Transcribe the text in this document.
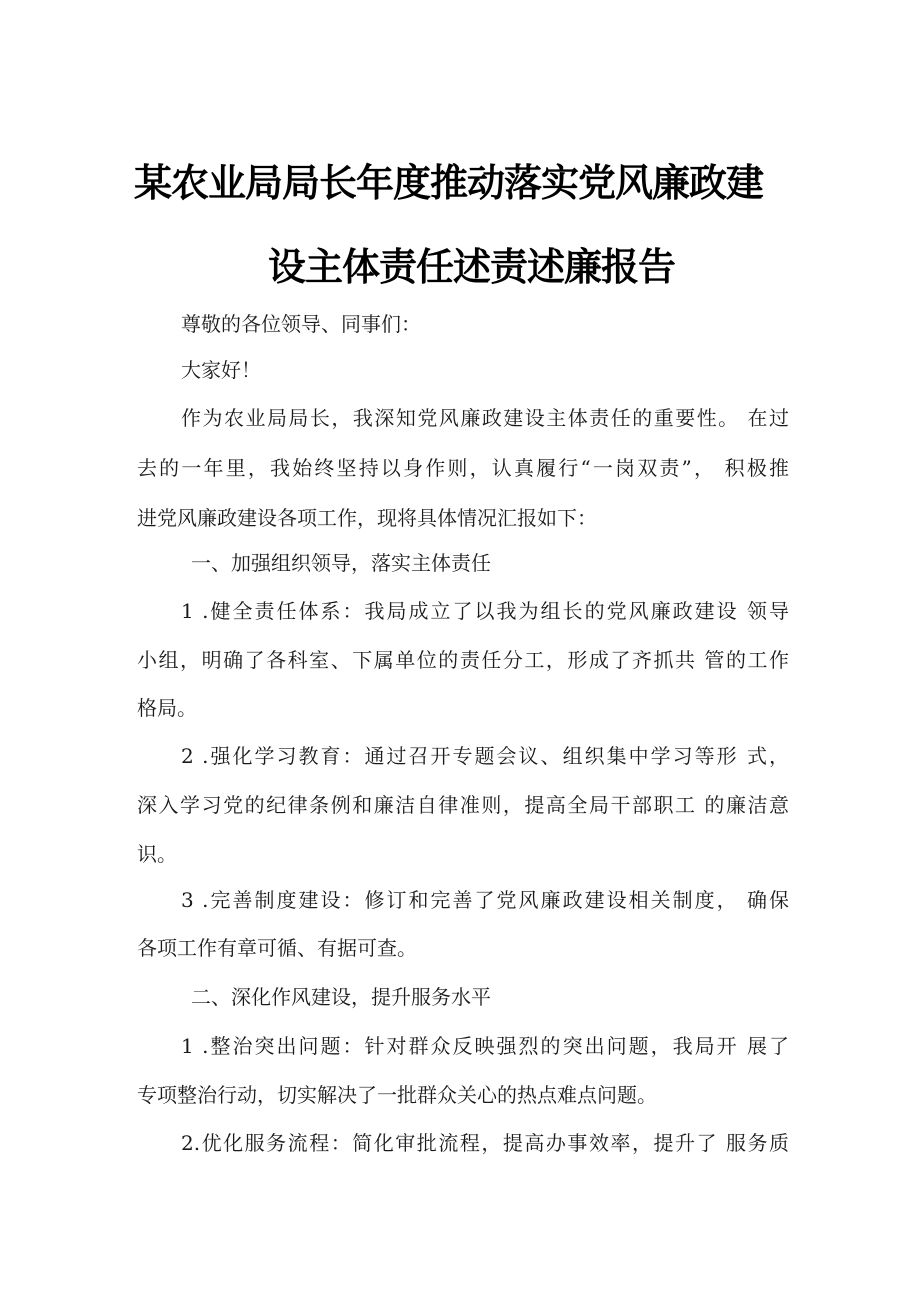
某农业局局长年度推动落实党风廉政建
设主体责任述责述廉报告
尊敬的各位领导、同事们：
大家好！
作为农业局局长，我深知党风廉政建设主体责任的重要性。 在过
去的一年里，我始终坚持以身作则，认真履行“一岗双责”， 积极推
进党风廉政建设各项工作，现将具体情况汇报如下：
一、加强组织领导，落实主体责任
1 .健全责任体系：我局成立了以我为组长的党风廉政建设 领导
小组，明确了各科室、下属单位的责任分工，形成了齐抓共 管的工作
格局。
2 .强化学习教育：通过召开专题会议、组织集中学习等形 式，
深入学习党的纪律条例和廉洁自律准则，提高全局干部职工 的廉洁意
识。
3 .完善制度建设：修订和完善了党风廉政建设相关制度， 确保
各项工作有章可循、有据可查。
二、深化作风建设，提升服务水平
1 .整治突出问题：针对群众反映强烈的突出问题，我局开 展了
专项整治行动，切实解决了一批群众关心的热点难点问题。
2.优化服务流程：简化审批流程，提高办事效率，提升了 服务质
